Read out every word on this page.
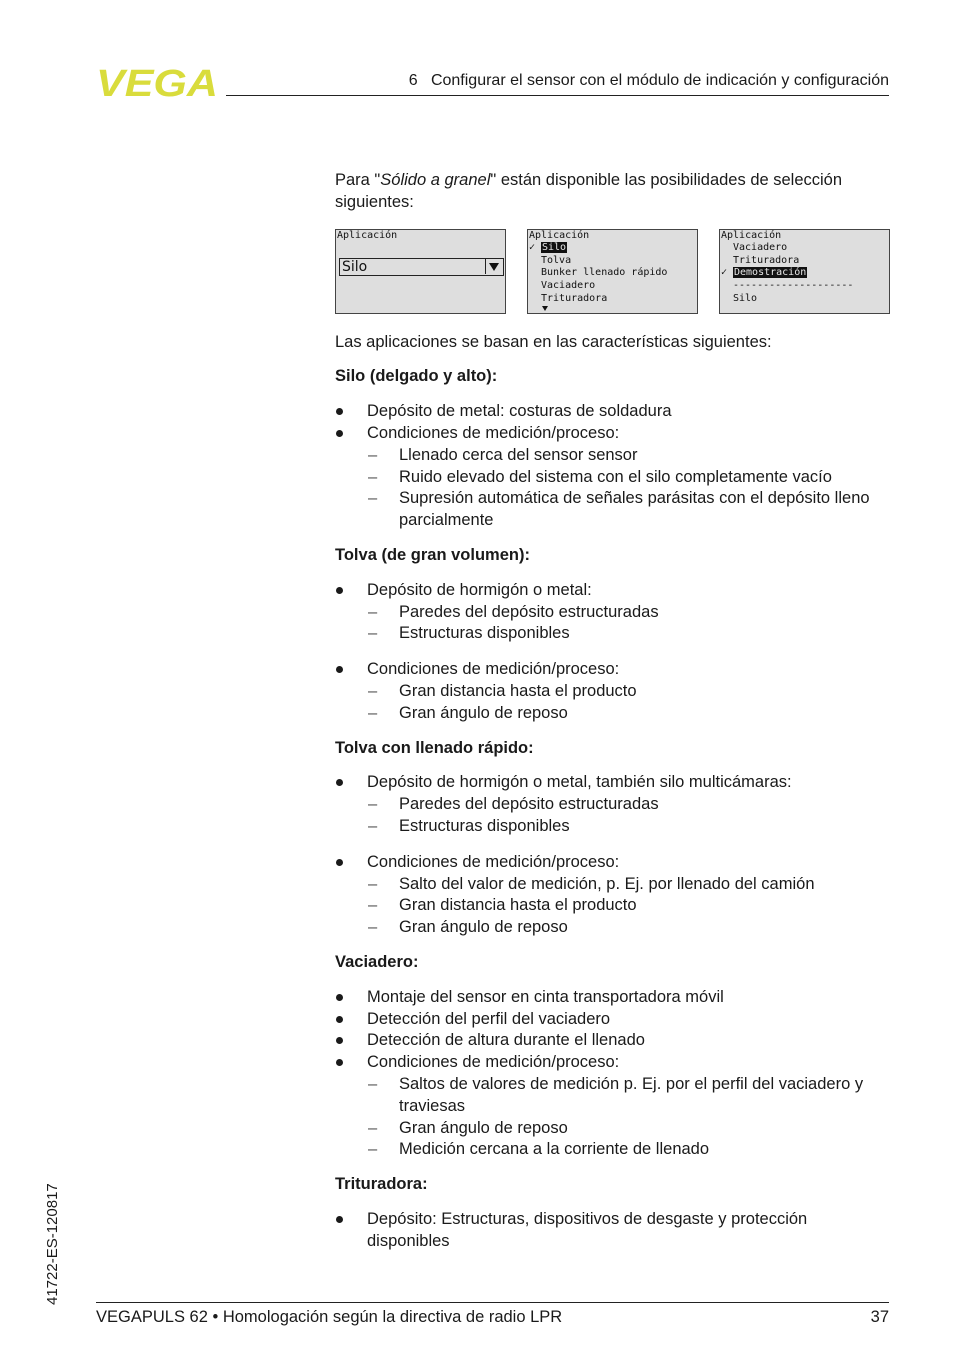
VEGA	6   Configurar el sensor con el módulo de indicación y configuración

Para "Sólido a granel" están disponible las posibilidades de selección siguientes:

Aplicación
Silo
Aplicación
✓ Silo
Tolva
Bunker llenado rápido
Vaciadero
Trituradora
Aplicación
Vaciadero
Trituradora
✓ Demostración
--------------------
Silo

Las aplicaciones se basan en las características siguientes:

Silo (delgado y alto):

Depósito de metal: costuras de soldadura
Condiciones de medición/proceso:
– Llenado cerca del sensor sensor
– Ruido elevado del sistema con el silo completamente vacío
– Supresión automática de señales parásitas con el depósito lleno parcialmente

Tolva (de gran volumen):

Depósito de hormigón o metal:
– Paredes del depósito estructuradas
– Estructuras disponibles
Condiciones de medición/proceso:
– Gran distancia hasta el producto
– Gran ángulo de reposo

Tolva con llenado rápido:

Depósito de hormigón o metal, también silo multicámaras:
– Paredes del depósito estructuradas
– Estructuras disponibles
Condiciones de medición/proceso:
– Salto del valor de medición, p. Ej. por llenado del camión
– Gran distancia hasta el producto
– Gran ángulo de reposo

Vaciadero:

Montaje del sensor en cinta transportadora móvil
Detección del perfil del vaciadero
Detección de altura durante el llenado
Condiciones de medición/proceso:
– Saltos de valores de medición p. Ej. por el perfil del vaciadero y traviesas
– Gran ángulo de reposo
– Medición cercana a la corriente de llenado

Trituradora:

Depósito: Estructuras, dispositivos de desgaste y protección disponibles
41722-ES-120817
VEGAPULS 62 • Homologación según la directiva de radio LPR	37
